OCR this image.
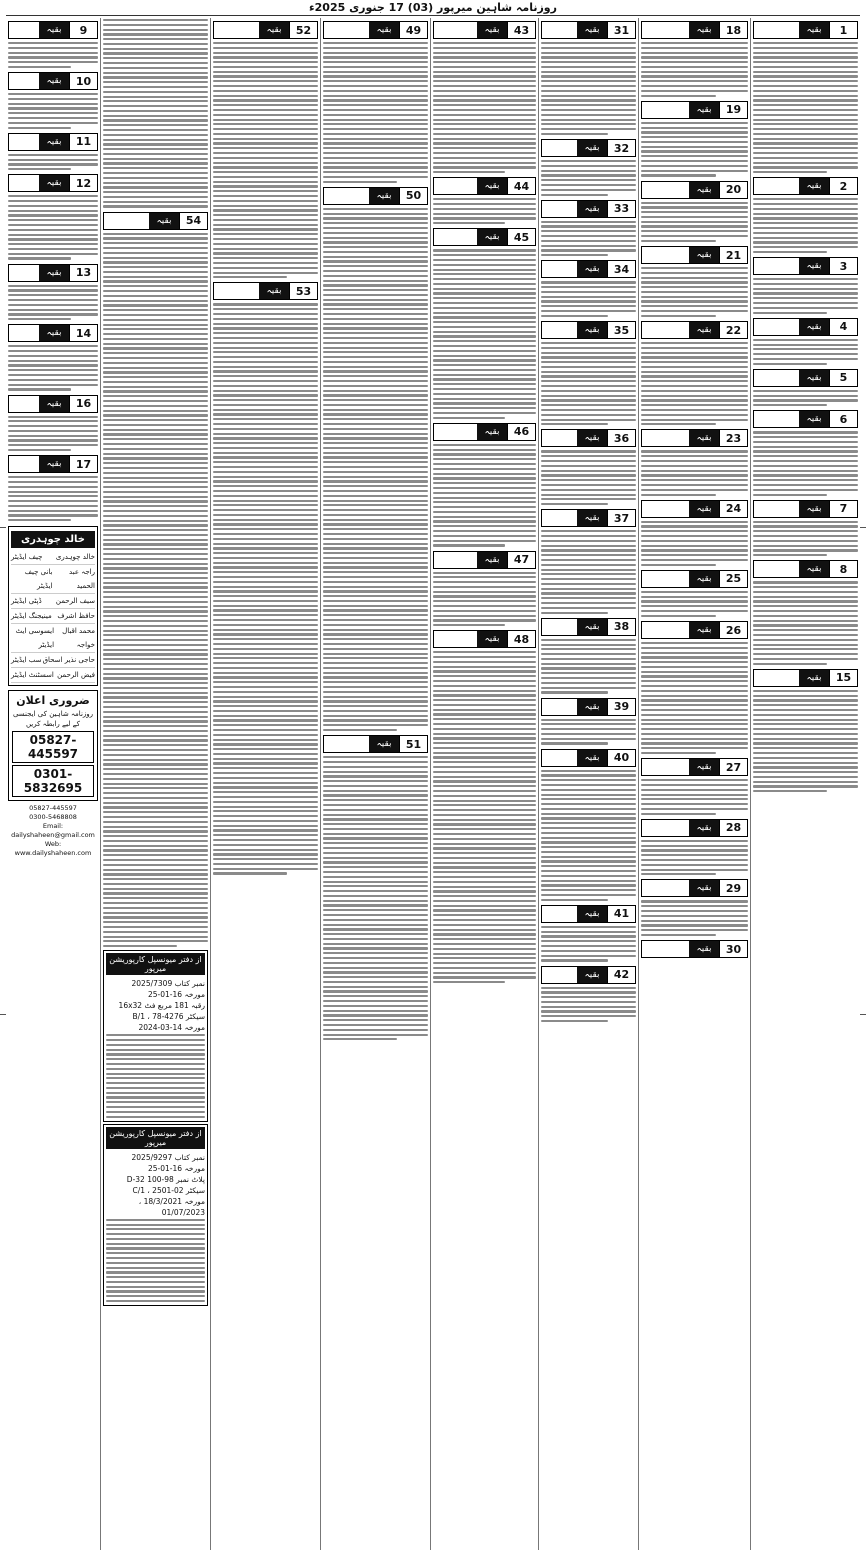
روزنامہ شاہین میرپور (03) 17 جنوری 2025ء
1
بقیہ
2
بقیہ
3
بقیہ
4
بقیہ
5
بقیہ
6
بقیہ
7
بقیہ
8
بقیہ
15
بقیہ
18
بقیہ
19
بقیہ
20
بقیہ
21
بقیہ
22
بقیہ
23
بقیہ
24
بقیہ
25
بقیہ
26
بقیہ
27
بقیہ
28
بقیہ
29
بقیہ
30
بقیہ
31
بقیہ
32
بقیہ
33
بقیہ
34
بقیہ
35
بقیہ
36
بقیہ
37
بقیہ
38
بقیہ
39
بقیہ
40
بقیہ
41
بقیہ
42
بقیہ
43
بقیہ
44
بقیہ
45
بقیہ
46
بقیہ
47
بقیہ
48
بقیہ
49
بقیہ
50
بقیہ
51
بقیہ
52
بقیہ
53
بقیہ
54
بقیہ
از دفتر میونسپل کارپوریشن میرپور
نمبر کتاب 2025/7309
مورخہ 16-01-25
رقبہ 181 مربع فٹ 16x32
سیکٹر B/1 ، 78-4276
مورخہ 14-03-2024
از دفتر میونسپل کارپوریشن میرپور
نمبر کتاب 2025/9297
مورخہ 16-01-25
پلاٹ نمبر D-32 100-98
سیکٹر C/1 ، 2501-02
مورخہ 18/3/2021 ، 01/07/2023
9
بقیہ
10
بقیہ
11
بقیہ
12
بقیہ
13
بقیہ
14
بقیہ
16
بقیہ
17
بقیہ
خالد چوہدری
چیف ایڈیٹر خالد چوہدری
بانی چیف ایڈیٹر
راجہ عبد الحمید
ڈپٹی ایڈیٹر سیف الرحمن
مینیجنگ ایڈیٹر حافظ اشرف
ایسوسی ایٹ ایڈیٹر
محمد اقبال خواجہ
سب ایڈیٹر حاجی نذیر اسحاق
اسسٹنٹ ایڈیٹر فیض الرحمن
ضروری اعلان
روزنامہ شاہین کی ایجنسی کے لیے رابطہ کریں
05827-445597
0301-5832695
05827-445597
0300-5468808
Email: dailyshaheen@gmail.com
Web: www.dailyshaheen.com
